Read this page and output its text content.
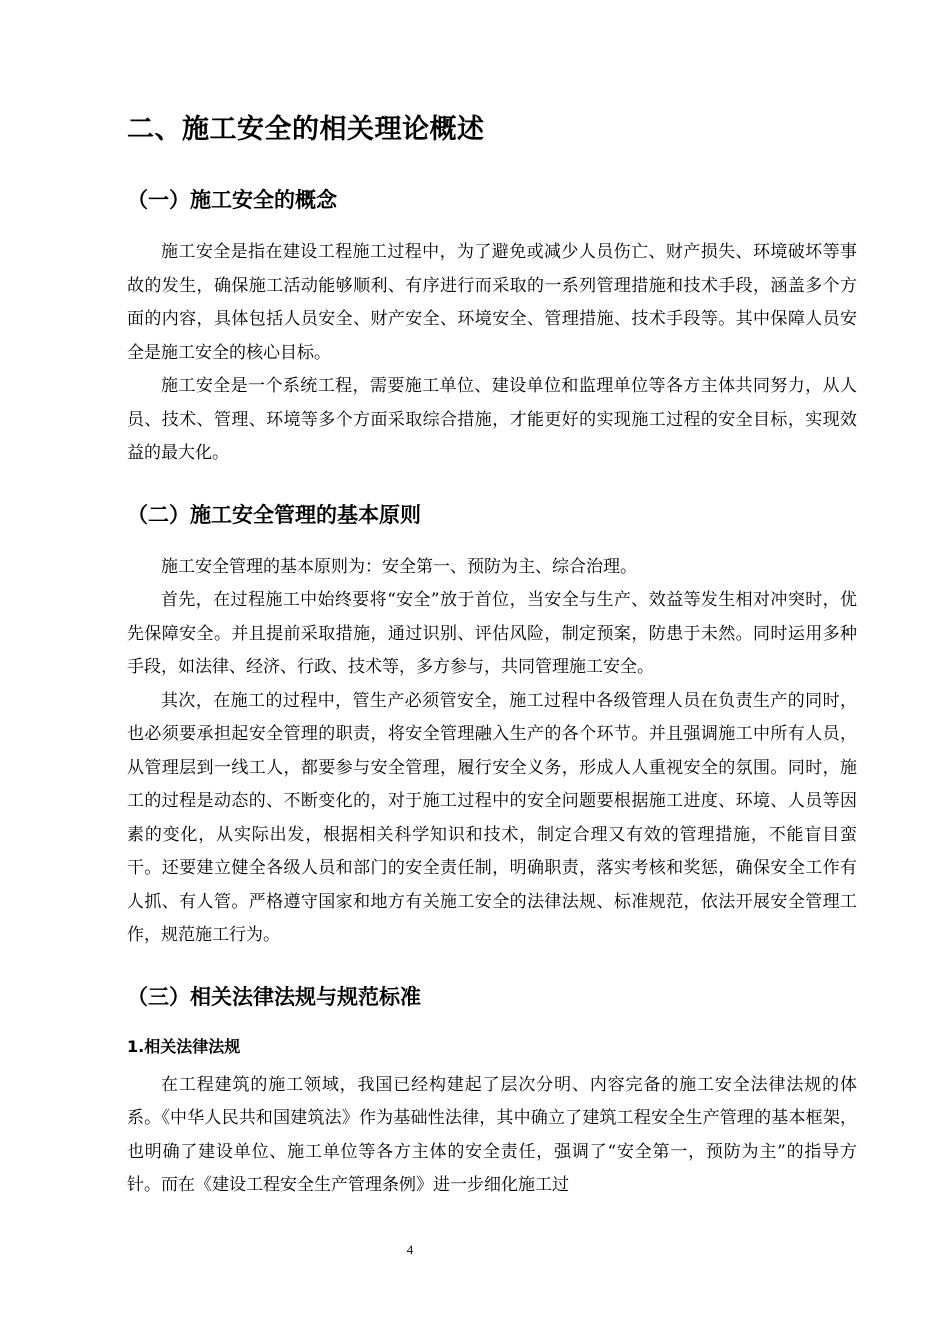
二、施工安全的相关理论概述
（一）施工安全的概念

施工安全是指在建设工程施工过程中，为了避免或减少人员伤亡、财产损失、环境破坏等事故的发生，确保施工活动能够顺利、有序进行而采取的一系列管理措施和技术手段，涵盖多个方面的内容，具体包括人员安全、财产安全、环境安全、管理措施、技术手段等。其中保障人员安全是施工安全的核心目标。

施工安全是一个系统工程，需要施工单位、建设单位和监理单位等各方主体共同努力，从人员、技术、管理、环境等多个方面采取综合措施，才能更好的实现施工过程的安全目标，实现效益的最大化。

（二）施工安全管理的基本原则

施工安全管理的基本原则为：安全第一、预防为主、综合治理。

首先，在过程施工中始终要将“安全”放于首位，当安全与生产、效益等发生相对冲突时，优先保障安全。并且提前采取措施，通过识别、评估风险，制定预案，防患于未然。同时运用多种手段，如法律、经济、行政、技术等，多方参与，共同管理施工安全。

其次，在施工的过程中，管生产必须管安全，施工过程中各级管理人员在负责生产的同时，也必须要承担起安全管理的职责，将安全管理融入生产的各个环节。并且强调施工中所有人员，从管理层到一线工人，都要参与安全管理，履行安全义务，形成人人重视安全的氛围。同时，施工的过程是动态的、不断变化的，对于施工过程中的安全问题要根据施工进度、环境、人员等因素的变化，从实际出发，根据相关科学知识和技术，制定合理又有效的管理措施，不能盲目蛮干。还要建立健全各级人员和部门的安全责任制，明确职责，落实考核和奖惩，确保安全工作有人抓、有人管。严格遵守国家和地方有关施工安全的法律法规、标准规范，依法开展安全管理工作，规范施工行为。

（三）相关法律法规与规范标准
1.相关法律法规

在工程建筑的施工领域，我国已经构建起了层次分明、内容完备的施工安全法律法规的体系。《中华人民共和国建筑法》作为基础性法律，其中确立了建筑工程安全生产管理的基本框架，也明确了建设单位、施工单位等各方主体的安全责任，强调了“安全第一，预防为主”的指导方针。而在《建设工程安全生产管理条例》进一步细化施工过

4
